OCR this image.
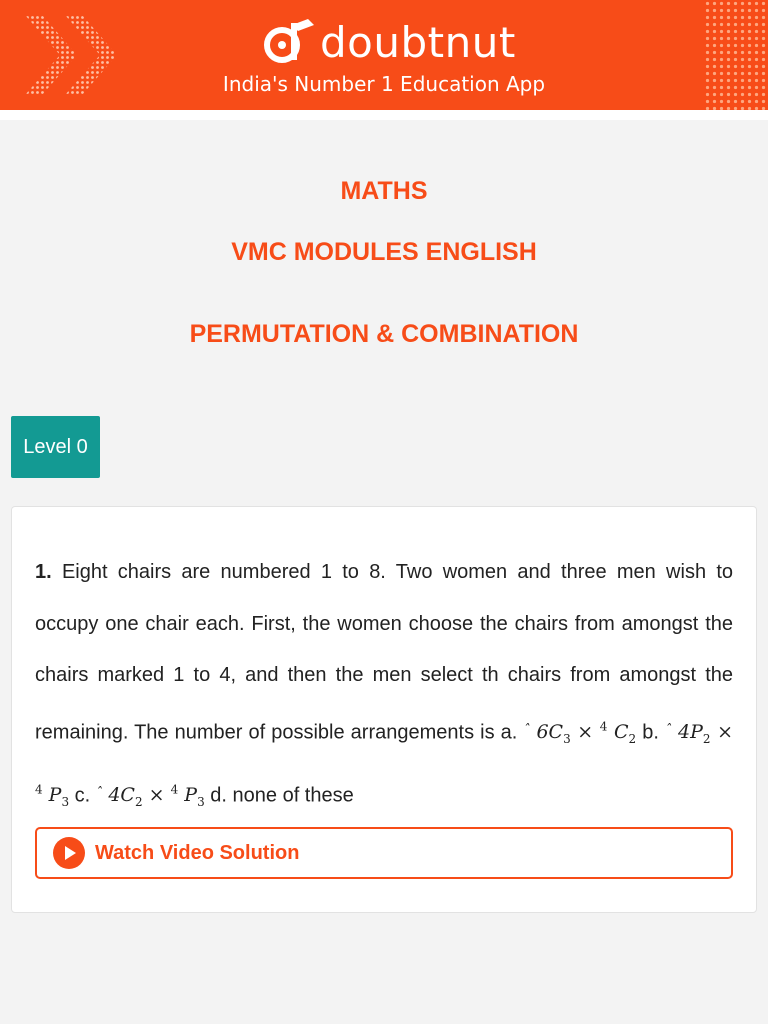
doubtnut
India's Number 1 Education App
MATHS
VMC MODULES ENGLISH
PERMUTATION & COMBINATION
Level 0
1. Eight chairs are numbered 1 to 8. Two women and three men wish to occupy one chair each. First, the women choose the chairs from amongst the chairs marked 1 to 4, and then the men select th chairs from amongst the remaining. The number of possible arrangements is a. $^ˆ$ $6C_3 \times ^4$ $C_2$ b. $^ˆ$ $4P_2 \times ^4$ $P_3$ c. $^ˆ$ $4C_2 \times ^4$ $P_3$ d. none of these
Watch Video Solution
